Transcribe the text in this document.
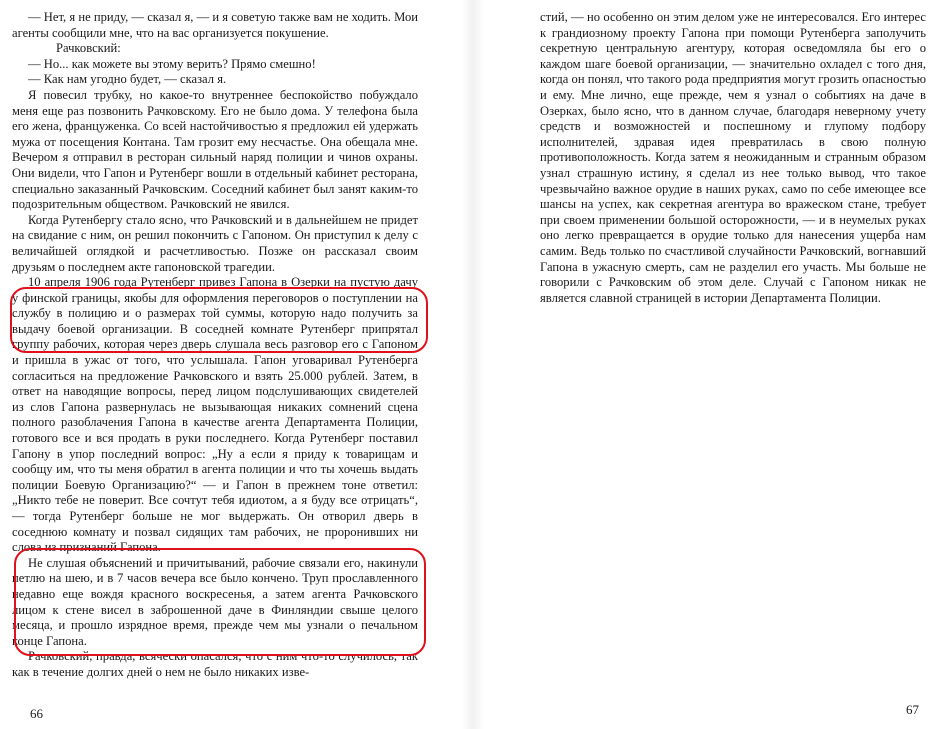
— Нет, я не приду, — сказал я, — и я советую также вам не ходить. Мои агенты сообщили мне, что на вас организуется покушение.

Рачковский:

— Но... как можете вы этому верить? Прямо смешно!

— Как нам угодно будет, — сказал я.

Я повесил трубку, но какое-то внутреннее беспокойство побуждало меня еще раз позвонить Рачковскому. Его не было дома. У телефона была его жена, француженка. Со всей настойчивостью я предложил ей удержать мужа от посещения Контана. Там грозит ему несчастье. Она обещала мне. Вечером я отправил в ресторан сильный наряд полиции и чинов охраны. Они видели, что Гапон и Рутенберг вошли в отдельный кабинет ресторана, специально заказанный Рачковским. Соседний кабинет был занят каким-то подозрительным обществом. Рачковский не явился.

Когда Рутенбергу стало ясно, что Рачковский и в дальнейшем не придет на свидание с ним, он решил покончить с Гапоном. Он приступил к делу с величайшей оглядкой и расчетливостью. Позже он рассказал своим друзьям о последнем акте гапоновской трагедии.

10 апреля 1906 года Рутенберг привез Гапона в Озерки на пустую дачу у финской границы, якобы для оформления переговоров о поступлении на службу в полицию и о размерах той суммы, которую надо получить за выдачу боевой организации. В соседней комнате Рутенберг припрятал группу рабочих, которая через дверь слушала весь разговор его с Гапоном и пришла в ужас от того, что услышала. Гапон уговаривал Рутенберга согласиться на предложение Рачковского и взять 25.000 рублей. Затем, в ответ на наводящие вопросы, перед лицом подслушивающих свидетелей из слов Гапона развернулась не вызывающая никаких сомнений сцена полного разоблачения Гапона в качестве агента Департамента Полиции, готового все и вся продать в руки последнего. Когда Рутенберг поставил Гапону в упор последний вопрос: „Ну а если я приду к товарищам и сообщу им, что ты меня обратил в агента полиции и что ты хочешь выдать полиции Боевую Организацию?“ — и Гапон в прежнем тоне ответил: „Никто тебе не поверит. Все сочтут тебя идиотом, а я буду все отрицать“, — тогда Рутенберг больше не мог выдержать. Он отворил дверь в соседнюю комнату и позвал сидящих там рабочих, не проронивших ни слова из признаний Гапона.

Не слушая объяснений и причитываний, рабочие связали его, накинули петлю на шею, и в 7 часов вечера все было кончено. Труп прославленного недавно еще вождя красного воскресенья, а затем агента Рачковского лицом к стене висел в заброшенной даче в Финляндии свыше целого месяца, и прошло изрядное время, прежде чем мы узнали о печальном конце Гапона.

Рачковский, правда, всячески опасался, что с ним что-то случилось, так как в течение долгих дней о нем не было никаких изве-

66

стий, — но особенно он этим делом уже не интересовался. Его интерес к грандиозному проекту Гапона при помощи Рутенберга заполучить секретную центральную агентуру, которая осведомляла бы его о каждом шаге боевой организации, — значительно охладел с того дня, когда он понял, что такого рода предприятия могут грозить опасностью и ему. Мне лично, еще прежде, чем я узнал о событиях на даче в Озерках, было ясно, что в данном случае, благодаря неверному учету средств и возможностей и поспешному и глупому подбору исполнителей, здравая идея превратилась в свою полную противоположность. Когда затем я неожиданным и странным образом узнал страшную истину, я сделал из нее только вывод, что такое чрезвычайно важное орудие в наших руках, само по себе имеющее все шансы на успех, как секретная агентура во вражеском стане, требует при своем применении большой осторожности, — и в неумелых руках оно легко превращается в орудие только для нанесения ущерба нам самим. Ведь только по счастливой случайности Рачковский, вогнавший Гапона в ужасную смерть, сам не разделил его участь. Мы больше не говорили с Рачковским об этом деле. Случай с Гапоном никак не является славной страницей в истории Департамента Полиции.

67
